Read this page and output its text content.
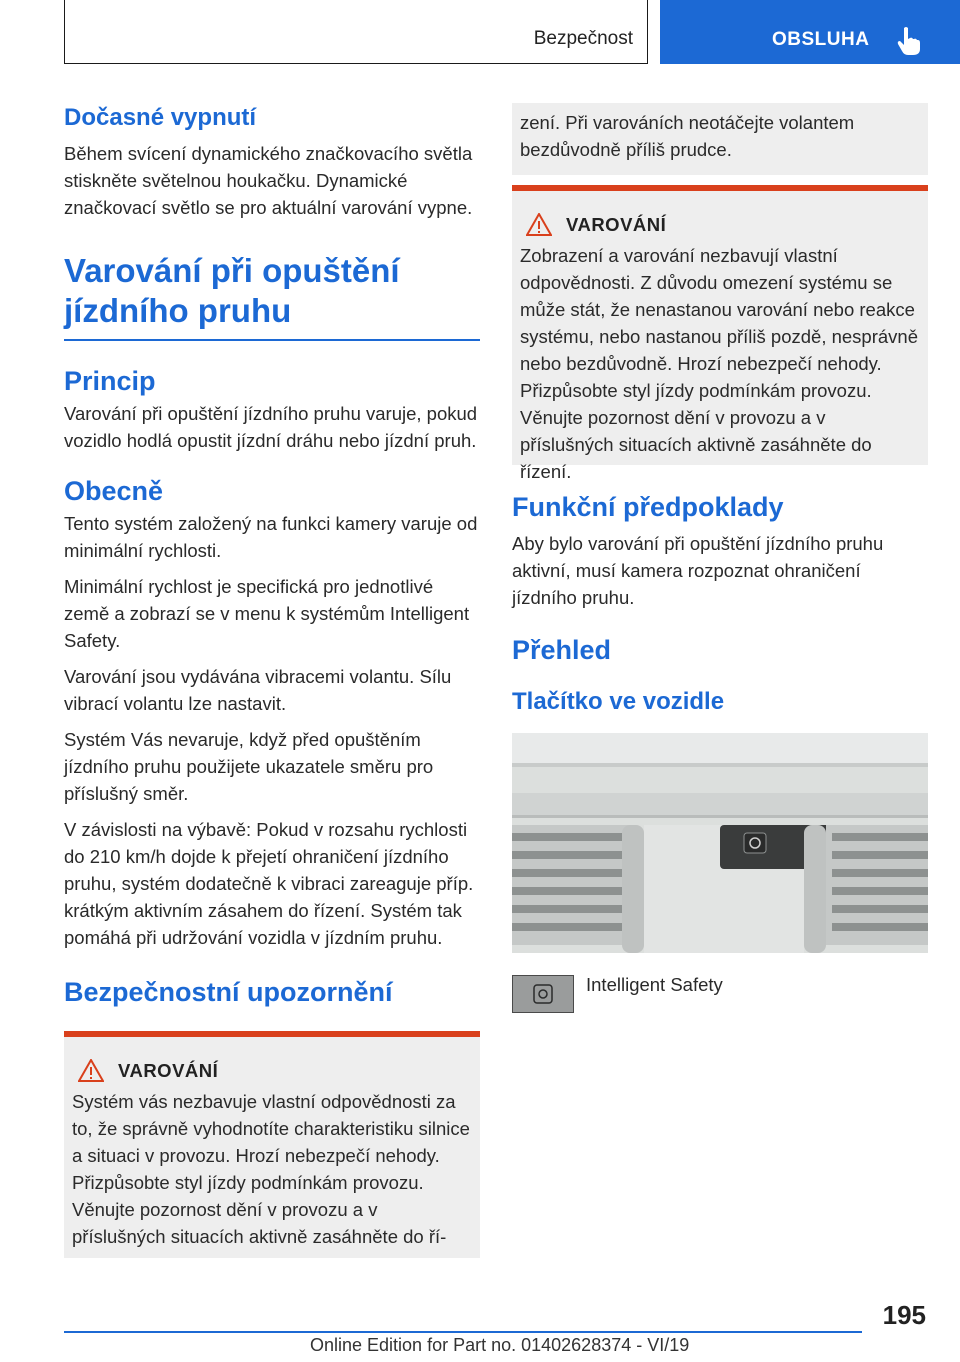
Bezpečnost	OBSLUHA
Dočasné vypnutí

Během svícení dynamického značkovacího světla stiskněte světelnou houkačku. Dynamické značkovací světlo se pro aktuální varování vypne.

Varování při opuštění
jízdního pruhu
Princip

Varování při opuštění jízdního pruhu varuje, pokud vozidlo hodlá opustit jízdní dráhu nebo jízdní pruh.

Obecně

Tento systém založený na funkci kamery varuje od minimální rychlosti.

Minimální rychlost je specifická pro jednotlivé země a zobrazí se v menu k systémům Intelligent Safety.

Varování jsou vydávána vibracemi volantu. Sílu vibrací volantu lze nastavit.

Systém Vás nevaruje, když před opuštěním jízdního pruhu použijete ukazatele směru pro příslušný směr.

V závislosti na výbavě: Pokud v rozsahu rychlosti do 210 km/h dojde k přejetí ohraničení jízdního pruhu, systém dodatečně k vibraci zareaguje příp. krátkým aktivním zásahem do řízení. Systém tak pomáhá při udržování vozidla v jízdním pruhu.

Bezpečnostní upozornění
VAROVÁNÍ

Systém vás nezbavuje vlastní odpovědnosti za to, že správně vyhodnotíte charakteristiku silnice a situaci v provozu. Hrozí nebezpečí nehody. Přizpůsobte styl jízdy podmínkám provozu. Věnujte pozornost dění v provozu a v příslušných situacích aktivně zasáhněte do ří-

zení. Při varováních neotáčejte volantem bezdůvodně příliš prudce.

VAROVÁNÍ

Zobrazení a varování nezbavují vlastní odpovědnosti. Z důvodu omezení systému se může stát, že nenastanou varování nebo reakce systému, nebo nastanou příliš pozdě, nesprávně nebo bezdůvodně. Hrozí nebezpečí nehody. Přizpůsobte styl jízdy podmínkám provozu. Věnujte pozornost dění v provozu a v příslušných situacích aktivně zasáhněte do řízení.

Funkční předpoklady

Aby bylo varování při opuštění jízdního pruhu aktivní, musí kamera rozpoznat ohraničení jízdního pruhu.

Přehled
Tlačítko ve vozidle

Intelligent Safety

195
Online Edition for Part no. 01402628374 - VI/19
